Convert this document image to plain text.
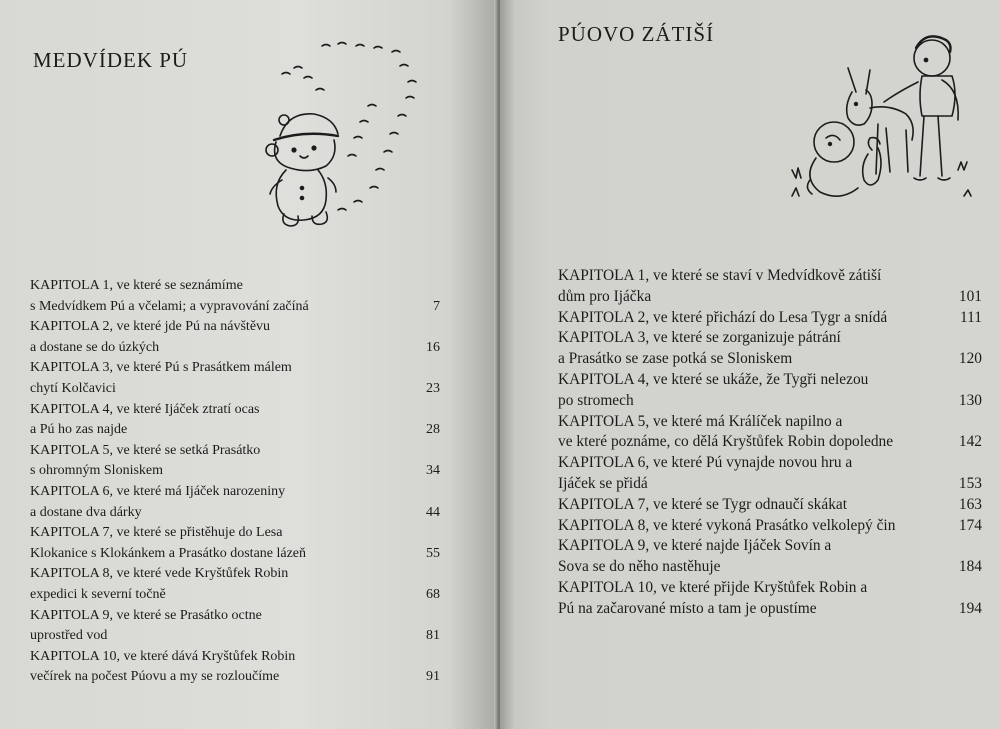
MEDVÍDEK PÚ
KAPITOLA 1, ve které se seznámíme
s Medvídkem Pú a včelami; a vypravování začíná	7
KAPITOLA 2, ve které jde Pú na návštěvu
a dostane se do úzkých	16
KAPITOLA 3, ve které Pú s Prasátkem málem
chytí Kolčavici	23
KAPITOLA 4, ve které Ijáček ztratí ocas
a Pú ho zas najde	28
KAPITOLA 5, ve které se setká Prasátko
s ohromným Sloniskem	34
KAPITOLA 6, ve které má Ijáček narozeniny
a dostane dva dárky	44
KAPITOLA 7, ve které se přistěhuje do Lesa
Klokanice s Klokánkem a Prasátko dostane lázeň	55
KAPITOLA 8, ve které vede Kryštůfek Robin
expedici k severní točně	68
KAPITOLA 9, ve které se Prasátko octne
uprostřed vod	81
KAPITOLA 10, ve které dává Kryštůfek Robin
večírek na počest Púovu a my se rozloučíme	91
PÚOVO ZÁTIŠÍ
KAPITOLA 1, ve které se staví v Medvídkově zátiší
dům pro Ijáčka	101
KAPITOLA 2, ve které přichází do Lesa Tygr a snídá	111
KAPITOLA 3, ve které se zorganizuje pátrání
a Prasátko se zase potká se Sloniskem	120
KAPITOLA 4, ve které se ukáže, že Tygři nelezou
po stromech	130
KAPITOLA 5, ve které má Králíček napilno a
ve které poznáme, co dělá Kryštůfek Robin dopoledne	142
KAPITOLA 6, ve které Pú vynajde novou hru a
Ijáček se přidá	153
KAPITOLA 7, ve které se Tygr odnaučí skákat	163
KAPITOLA 8, ve které vykoná Prasátko velkolepý čin	174
KAPITOLA 9, ve které najde Ijáček Sovín a
Sova se do něho nastěhuje	184
KAPITOLA 10, ve které přijde Kryštůfek Robin a
Pú na začarované místo a tam je opustíme	194
